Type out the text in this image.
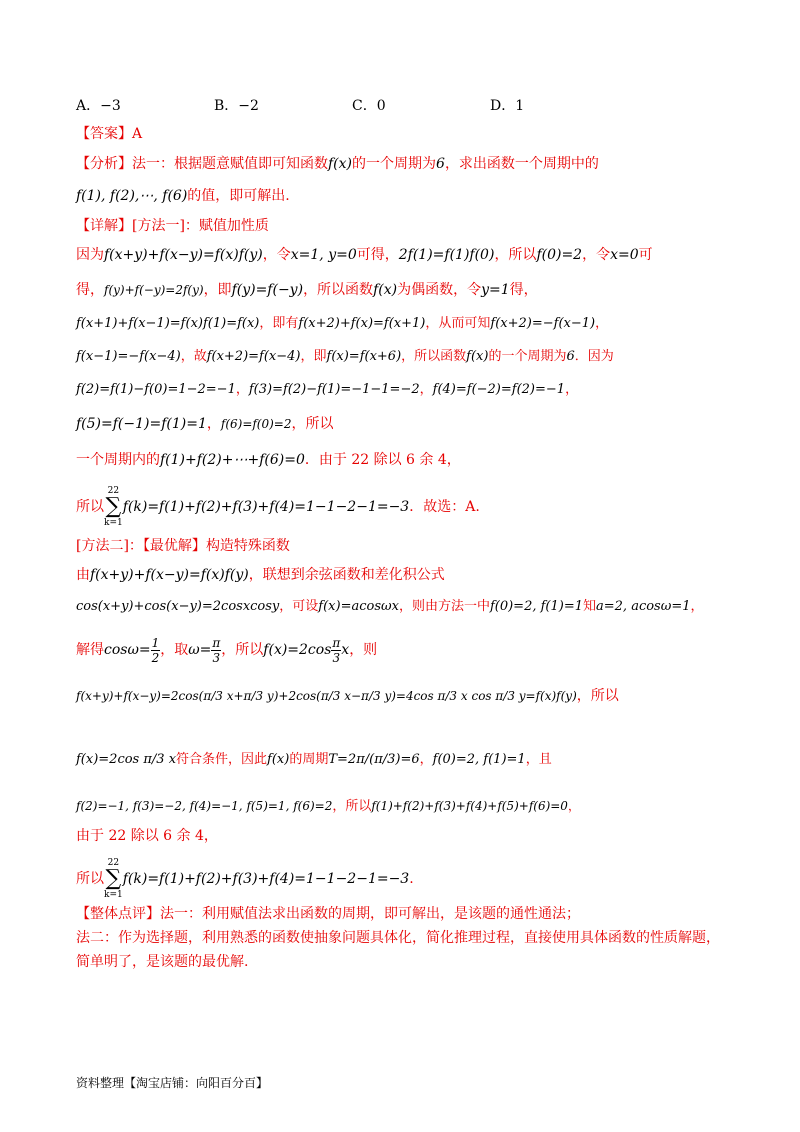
A．−3	B．−2	C．0	D．1
【答案】A
【分析】法一：根据题意赋值即可知函数f(x)的一个周期为6，求出函数一个周期中的
f(1), f(2),⋯, f(6)的值，即可解出.
【详解】[方法一]：赋值加性质
因为f(x+y)+f(x−y)=f(x)f(y)，令x=1, y=0可得，2f(1)=f(1)f(0)，所以f(0)=2，令x=0可
得，f(y)+f(−y)=2f(y)，即f(y)=f(−y)，所以函数f(x)为偶函数，令y=1得，
f(x+1)+f(x−1)=f(x)f(1)=f(x)，即有f(x+2)+f(x)=f(x+1)，从而可知f(x+2)=−f(x−1)，
f(x−1)=−f(x−4)，故f(x+2)=f(x−4)，即f(x)=f(x+6)，所以函数f(x)的一个周期为6．因为
f(2)=f(1)−f(0)=1−2=−1，f(3)=f(2)−f(1)=−1−1=−2，f(4)=f(−2)=f(2)=−1，
f(5)=f(−1)=f(1)=1，f(6)=f(0)=2，所以
一个周期内的f(1)+f(2)+⋯+f(6)=0．由于 22 除以 6 余 4，
所以22
∑
k=1f(k)=f(1)+f(2)+f(3)+f(4)=1−1−2−1=−3．故选：A.
[方法二]：【最优解】构造特殊函数
由f(x+y)+f(x−y)=f(x)f(y)，联想到余弦函数和差化积公式
cos(x+y)+cos(x−y)=2cosxcosy，可设f(x)=acosωx，则由方法一中f(0)=2, f(1)=1知a=2, acosω=1，
解得$\cos\omega= \frac{1}{2}$ ，取$\omega= \frac{\pi}{3}$ ，所以$f(x)=2\cos \frac{\pi}{3}$ x，则
f(x+y)+f(x−y)=2cos(π/3 x+π/3 y)+2cos(π/3 x−π/3 y)=4cos π/3 x cos π/3 y=f(x)f(y)，所以
f(x)=2cos π/3 x符合条件，因此f(x)的周期T=2π/(π/3)=6，f(0)=2, f(1)=1，且
f(2)=−1, f(3)=−2, f(4)=−1, f(5)=1, f(6)=2，所以f(1)+f(2)+f(3)+f(4)+f(5)+f(6)=0，
由于 22 除以 6 余 4，
所以22
∑
k=1f(k)=f(1)+f(2)+f(3)+f(4)=1−1−2−1=−3.
【整体点评】法一：利用赋值法求出函数的周期，即可解出，是该题的通性通法；
法二：作为选择题，利用熟悉的函数使抽象问题具体化，简化推理过程，直接使用具体函数的性质解题，
简单明了，是该题的最优解.
资料整理【淘宝店铺：向阳百分百】
